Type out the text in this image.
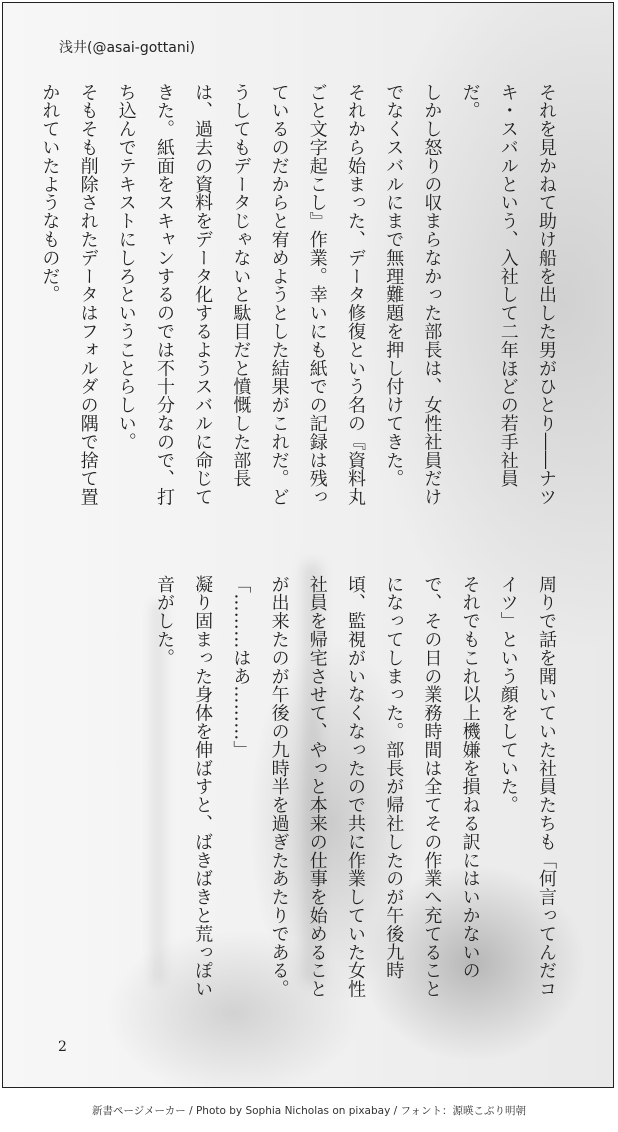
浅井(@asai-gottani)

それを見かねて助け船を出した男がひとり――ナツキ・スバルという、入社して二年ほどの若手社員だ。

しかし怒りの収まらなかった部長は、女性社員だけでなくスバルにまで無理難題を押し付けてきた。

それから始まった、データ修復という名の『資料丸ごと文字起こし』作業。幸いにも紙での記録は残っているのだからと宥めようとした結果がこれだ。どうしてもデータじゃないと駄目だと憤慨した部長は、過去の資料をデータ化するようスバルに命じてきた。紙面をスキャンするのでは不十分なので、打ち込んでテキストにしろということらしい。

そもそも削除されたデータはフォルダの隅で捨て置かれていたようなものだ。

周りで話を聞いていた社員たちも「何言ってんだコイツ」という顔をしていた。

それでもこれ以上機嫌を損ねる訳にはいかないので、その日の業務時間は全てその作業へ充てることになってしまった。部長が帰社したのが午後九時頃、監視がいなくなったので共に作業していた女性社員を帰宅させて、やっと本来の仕事を始めることが出来たのが午後の九時半を過ぎたあたりである。

「………はあ………」

凝り固まった身体を伸ばすと、ばきばきと荒っぽい音がした。

2

新書ページメーカー / Photo by Sophia Nicholas on pixabay / フォント：源暎こぶり明朝
